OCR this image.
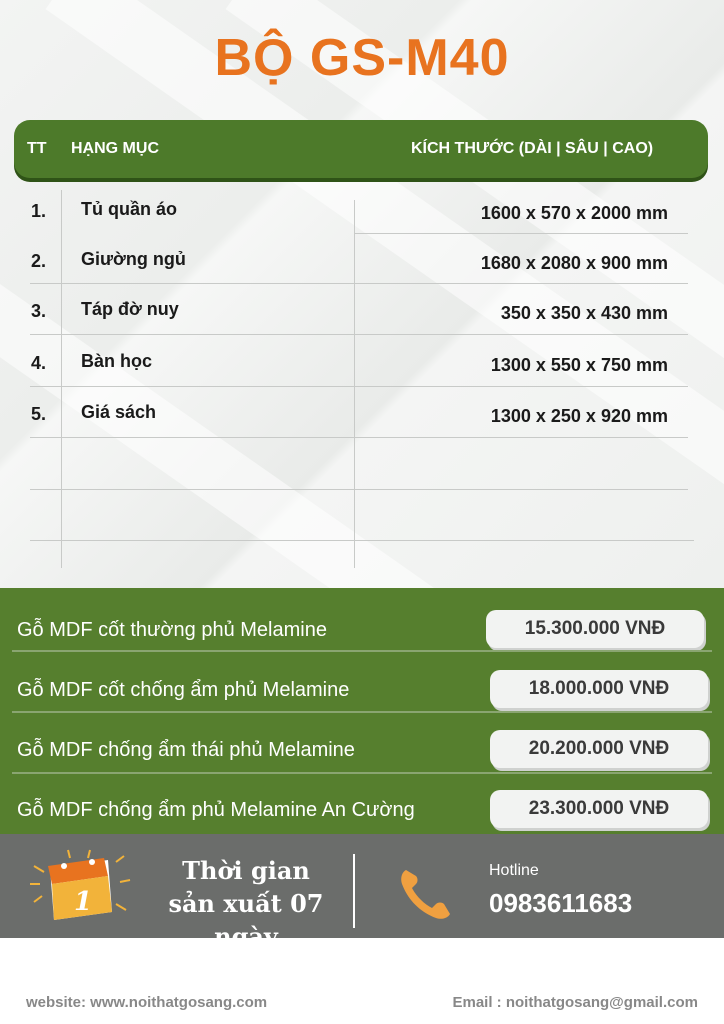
BỘ GS-M40
TT HẠNG MỤC	KÍCH THƯỚC (DÀI | SÂU | CAO)
1. Tủ quần áo	1600 x 570 x 2000 mm
2. Giường ngủ	1680 x 2080 x 900 mm
3. Táp đờ nuy	350 x 350 x 430 mm
4. Bàn học	1300 x 550 x 750 mm
5. Giá sách	1300 x 250 x 920 mm
Gỗ MDF cốt thường phủ Melamine	15.300.000 VNĐ
Gỗ MDF cốt chống ẩm phủ Melamine	18.000.000 VNĐ
Gỗ MDF chống ẩm thái phủ Melamine	20.200.000 VNĐ
Gỗ MDF chống ẩm phủ Melamine An Cường	23.300.000 VNĐ
1
Thời gian sản xuất 07 ngày
Hotline
0983611683
website: www.noithatgosang.com	Email : noithatgosang@gmail.com
